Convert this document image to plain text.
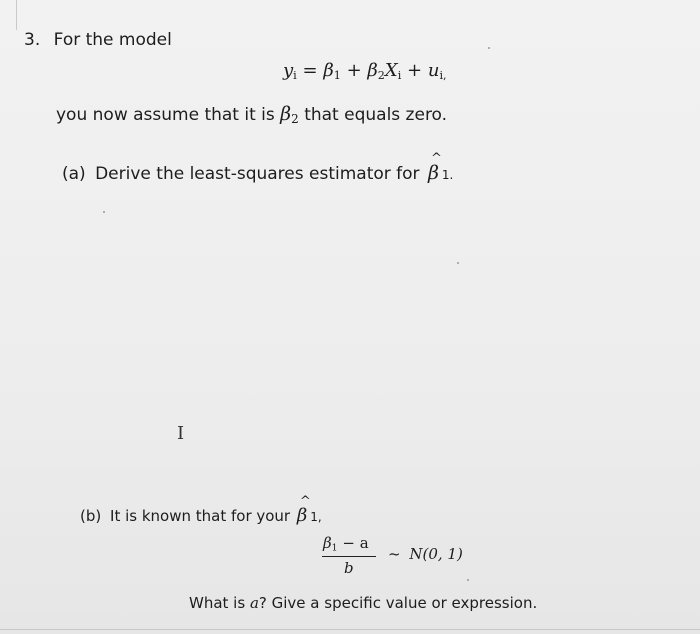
3. For the model
$y_i = \beta_1 + \beta_2X_i + u_{i,}$
you now assume that it is $\beta_2$ that equals zero.
(a) Derive the least-squares estimator for
^
β 1.
I
(b) It is known that for your
^
β 1,
$\beta_1 - a$
b
~ N(0, 1)
What is a? Give a specific value or expression.
